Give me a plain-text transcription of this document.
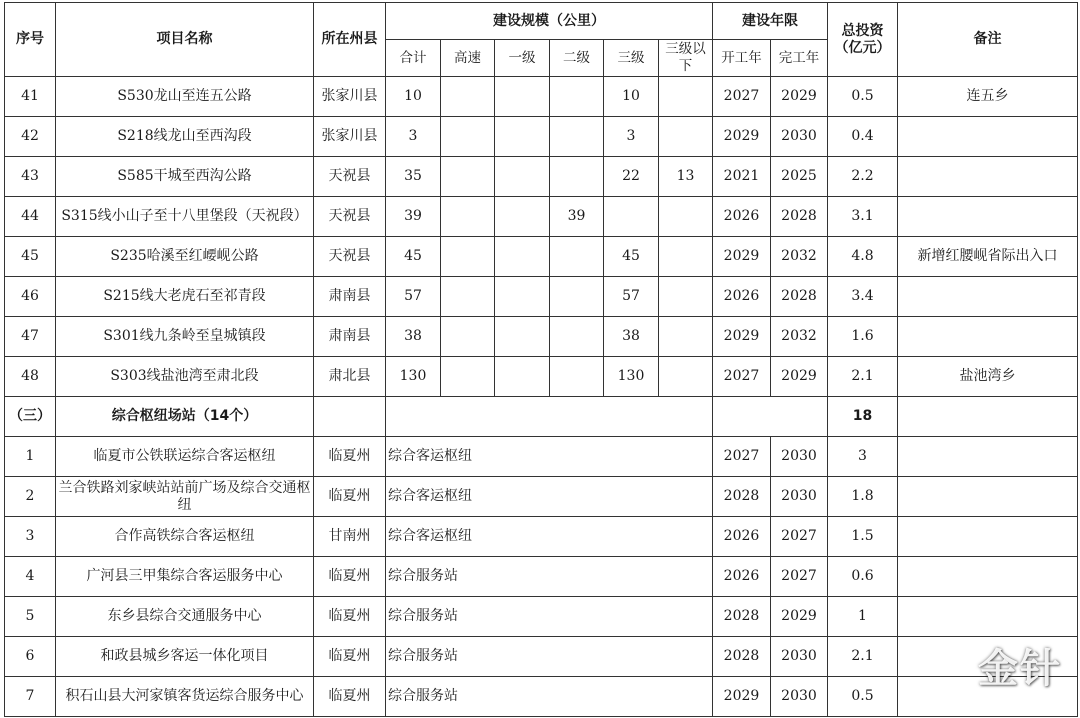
序号	项目名称	所在州县	建设规模（公里）						建设年限		总投资（亿元）	备注
			合计	高速	一级	二级	三级	三级以下	开工年	完工年		
41	S530龙山至连五公路	张家川县	10				10		2027	2029	0.5	连五乡
42	S218线龙山至西沟段	张家川县	3				3		2029	2030	0.4	
43	S585干城至西沟公路	天祝县	35				22	13	2021	2025	2.2	
44	S315线小山子至十八里堡段（天祝段）	天祝县	39			39			2026	2028	3.1	
45	S235哈溪至红崾岘公路	天祝县	45				45		2029	2032	4.8	新增红腰岘省际出入口
46	S215线大老虎石至祁青段	肃南县	57				57		2026	2028	3.4	
47	S301线九条岭至皇城镇段	肃南县	38				38		2029	2032	1.6	
48	S303线盐池湾至肃北段	肃北县	130				130		2027	2029	2.1	盐池湾乡
（三）	综合枢纽场站（14个）										18	
1	临夏市公铁联运综合客运枢纽	临夏州	综合客运枢纽						2027	2030	3	
2	兰合铁路刘家峡站站前广场及综合交通枢纽	临夏州	综合客运枢纽						2028	2030	1.8	
3	合作高铁综合客运枢纽	甘南州	综合客运枢纽						2026	2027	1.5	
4	广河县三甲集综合客运服务中心	临夏州	综合服务站						2026	2027	0.6	
5	东乡县综合交通服务中心	临夏州	综合服务站						2028	2029	1	
6	和政县城乡客运一体化项目	临夏州	综合服务站						2028	2030	2.1	
7	积石山县大河家镇客货运综合服务中心	临夏州	综合服务站						2029	2030	0.5	
金针
